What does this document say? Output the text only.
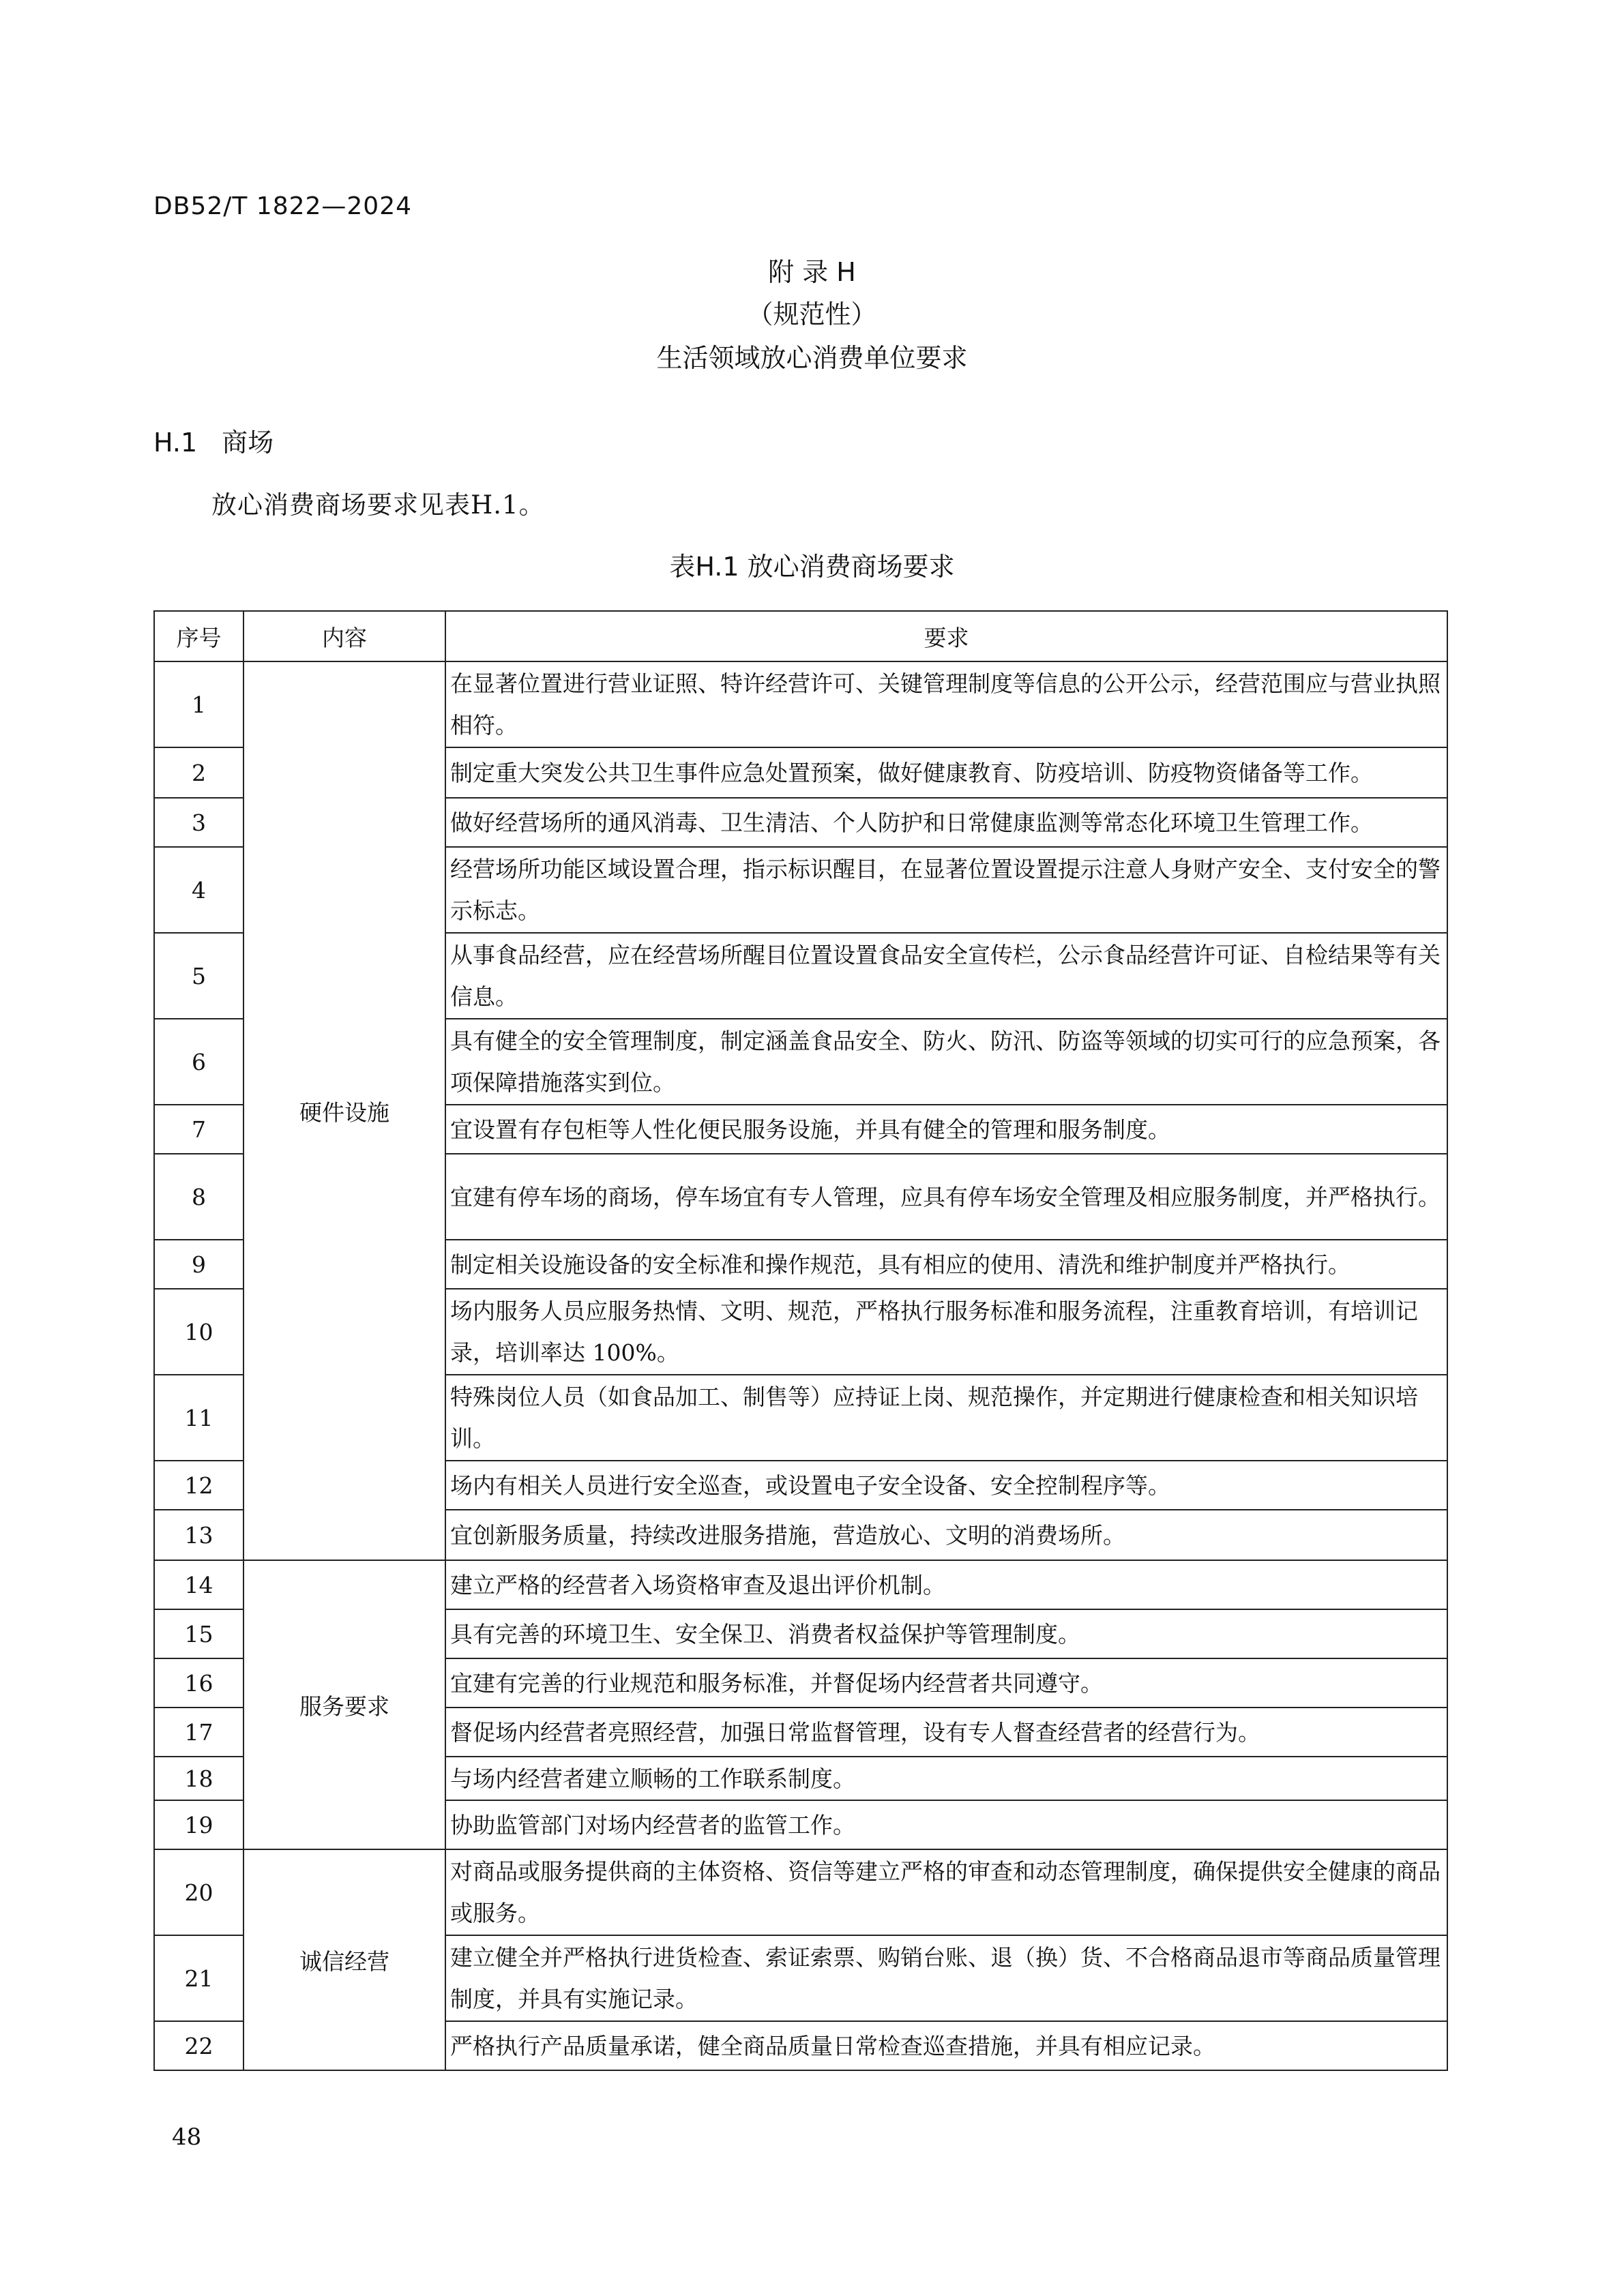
DB52/T 1822—2024
附 录 H
（规范性）
生活领域放心消费单位要求
H.1 商场
放心消费商场要求见表H.1。
表H.1 放心消费商场要求
序号	内容	要求
1	硬件设施	在显著位置进行营业证照、特许经营许可、关键管理制度等信息的公开公示，经营范围应与营业执照相符。
2		制定重大突发公共卫生事件应急处置预案，做好健康教育、防疫培训、防疫物资储备等工作。
3		做好经营场所的通风消毒、卫生清洁、个人防护和日常健康监测等常态化环境卫生管理工作。
4		经营场所功能区域设置合理，指示标识醒目，在显著位置设置提示注意人身财产安全、支付安全的警示标志。
5		从事食品经营，应在经营场所醒目位置设置食品安全宣传栏，公示食品经营许可证、自检结果等有关信息。
6		具有健全的安全管理制度，制定涵盖食品安全、防火、防汛、防盗等领域的切实可行的应急预案，各项保障措施落实到位。
7		宜设置有存包柜等人性化便民服务设施，并具有健全的管理和服务制度。
8		宜建有停车场的商场，停车场宜有专人管理，应具有停车场安全管理及相应服务制度，并严格执行。
9		制定相关设施设备的安全标准和操作规范，具有相应的使用、清洗和维护制度并严格执行。
10		场内服务人员应服务热情、文明、规范，严格执行服务标准和服务流程，注重教育培训，有培训记录，培训率达 100%。
11		特殊岗位人员（如食品加工、制售等）应持证上岗、规范操作，并定期进行健康检查和相关知识培训。
12		场内有相关人员进行安全巡查，或设置电子安全设备、安全控制程序等。
13		宜创新服务质量，持续改进服务措施，营造放心、文明的消费场所。
14	服务要求	建立严格的经营者入场资格审查及退出评价机制。
15		具有完善的环境卫生、安全保卫、消费者权益保护等管理制度。
16		宜建有完善的行业规范和服务标准，并督促场内经营者共同遵守。
17		督促场内经营者亮照经营，加强日常监督管理，设有专人督查经营者的经营行为。
18		与场内经营者建立顺畅的工作联系制度。
19		协助监管部门对场内经营者的监管工作。
20	诚信经营	对商品或服务提供商的主体资格、资信等建立严格的审查和动态管理制度，确保提供安全健康的商品或服务。
21		建立健全并严格执行进货检查、索证索票、购销台账、退（换）货、不合格商品退市等商品质量管理制度，并具有实施记录。
22		严格执行产品质量承诺，健全商品质量日常检查巡查措施，并具有相应记录。
48
